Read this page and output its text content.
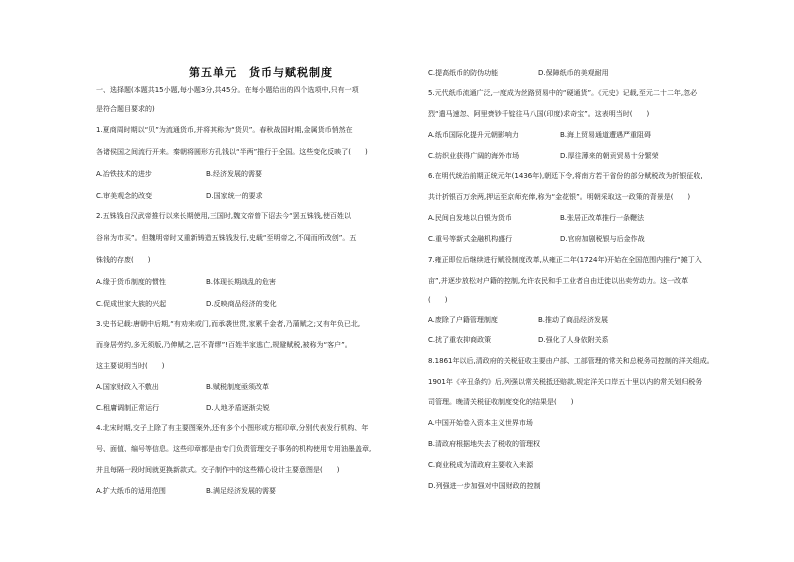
第五单元　货币与赋税制度
一、选择题(本题共15小题,每小题3分,共45分。在每小题给出的四个选项中,只有一项
是符合题目要求的)
1.夏商周时期以“贝”为流通货币,并将其称为“货贝”。春秋战国时期,金属货币悄然在
各诸侯国之间流行开来。秦朝将圆形方孔钱以“半两”推行于全国。这些变化反映了(　　)
A.冶铁技术的进步	B.经济发展的需要
C.审美观念的改变	D.国家统一的要求
2.五铢钱自汉武帝推行以来长期使用,三国时,魏文帝曾下诏去今“罢五铢钱,使百姓以
谷帛为市买”。但魏明帝时又重新铸造五铢钱发行,史载“至明帝之,不闻而所改创”。五
铢钱的存废(　　)
A.缘于货币制度的惯性	B.体现长期战乱的危害
C.促成世家大族的兴起	D.反映商品经济的变化
3.史书记载:唐朝中后期,“有劝来或门,而承袭世贯,家累千金者,乃蒲赋之;又有年负已北,
而身居劳约,多无须版,乃伸赋之,岂不背缪”!百姓半家逃亡,规避赋税,被称为“客户”。
这主要说明当时(　　)
A.国家财政入不敷出	B.赋税制度亟须改革
C.租庸调制正常运行	D.人地矛盾逐渐尖锐
4.北宋时期,交子上除了有主要图案外,还有多个小图形或方框印章,分别代表发行机构、年
号、面值、编号等信息。这些印章都是由专门负责管理交子事务的机构使用专用油墨盖章,
并且每隔一段时间就更换新款式。交子制作中的这些精心设计主要意图是(　　)
A.扩大纸币的适用范围	B.满足经济发展的需要
C.提高纸币的防伪功能	D.保障纸币的美观耐用
5.元代纸币流通广泛,一度成为丝路贸易中的“硬通货”。《元史》记载,至元二十二年,忽必
烈“遣马速忽、阿里赍钞千锭往马八国(印度)求奇宝”。这表明当时(　　)
A.纸币国际化提升元朝影响力	B.海上贸易通道遭遇严重阻碍
C.纺织业获得广阔的海外市场	D.厚往薄来的朝贡贸易十分繁荣
6.在明代统治前期正统元年(1436年),朝廷下令,将南方若干省份的部分赋税改为折银征收,
共计折银百万余两,押运至京师充俸,称为“金花银”。明朝采取这一政策的背景是(　　)
A.民间自发地以白银为货币	B.张居正改革推行一条鞭法
C.重号等新式金融机构盛行	D.官府加剧税银与后金作战
7.雍正即位后继续进行赋役制度改革,从雍正二年(1724年)开始在全国范围内推行“摊丁入
亩”,并逐步放松对户籍的控制,允许农民和手工业者自由迁徙以出卖劳动力。这一改革
(　　)
A.废除了户籍管理制度	B.推动了商品经济发展
C.扰了重农抑商政策	D.强化了人身依附关系
8.1861年以后,清政府的关税征收主要由户部、工部管理的常关和总税务司控制的洋关组成。
1901年《辛丑条约》后,列强以常关税抵还赔款,规定洋关口岸五十里以内的常关划归税务
司管理。晚清关税征收制度变化的结果是(　　)
A.中国开始卷入资本主义世界市场
B.清政府根据地失去了税收的管理权
C.商业税成为清政府主要收入来源
D.列强进一步加强对中国财政的控制
